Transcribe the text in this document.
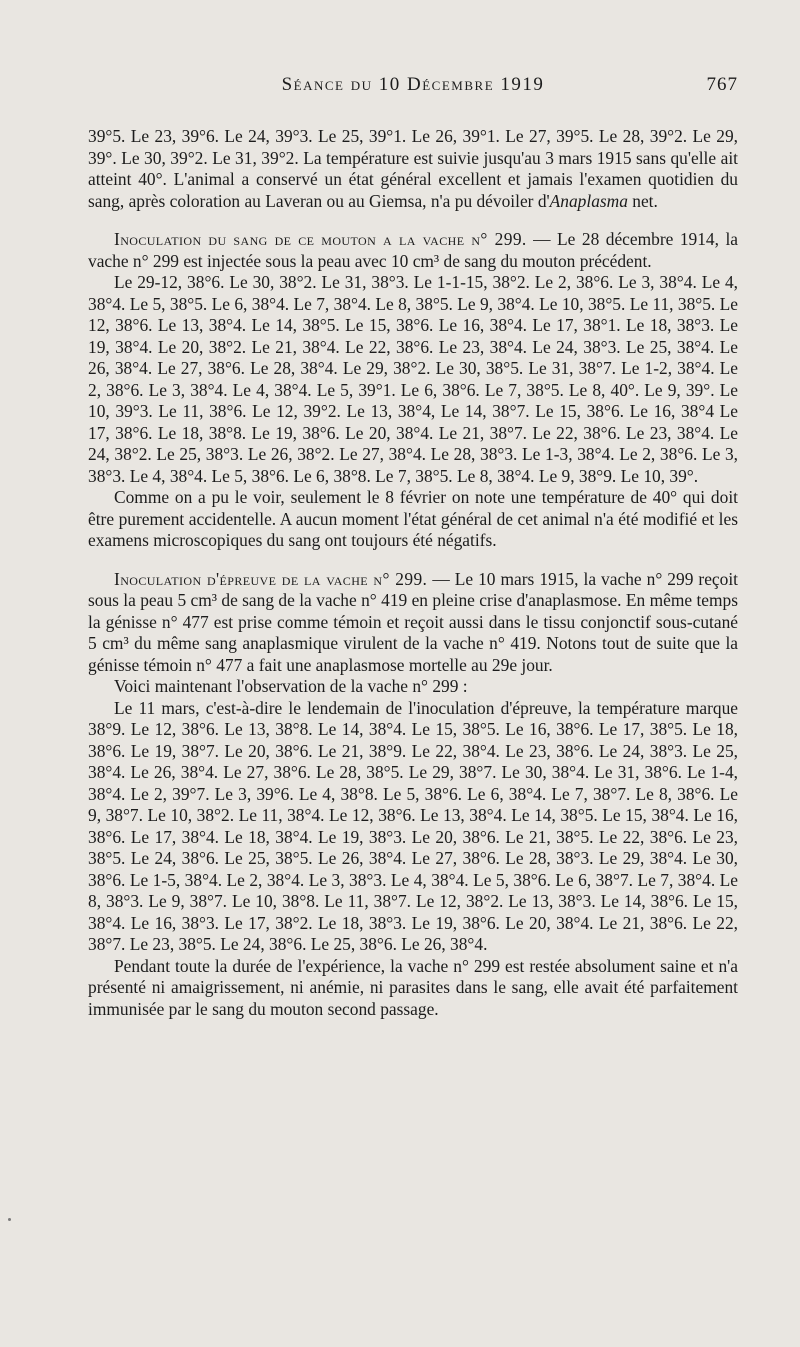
Séance du 10 Décembre 1919	767

39°5. Le 23, 39°6. Le 24, 39°3. Le 25, 39°1. Le 26, 39°1. Le 27, 39°5. Le 28, 39°2. Le 29, 39°. Le 30, 39°2. Le 31, 39°2. La température est suivie jusqu'au 3 mars 1915 sans qu'elle ait atteint 40°. L'animal a conservé un état général excellent et jamais l'examen quotidien du sang, après coloration au Laveran ou au Giemsa, n'a pu dévoiler d'Anaplasma net.

Inoculation du sang de ce mouton a la vache n° 299. — Le 28 décembre 1914, la vache n° 299 est injectée sous la peau avec 10 cm³ de sang du mouton précédent.

Le 29-12, 38°6. Le 30, 38°2. Le 31, 38°3. Le 1-1-15, 38°2. Le 2, 38°6. Le 3, 38°4. Le 4, 38°4. Le 5, 38°5. Le 6, 38°4. Le 7, 38°4. Le 8, 38°5. Le 9, 38°4. Le 10, 38°5. Le 11, 38°5. Le 12, 38°6. Le 13, 38°4. Le 14, 38°5. Le 15, 38°6. Le 16, 38°4. Le 17, 38°1. Le 18, 38°3. Le 19, 38°4. Le 20, 38°2. Le 21, 38°4. Le 22, 38°6. Le 23, 38°4. Le 24, 38°3. Le 25, 38°4. Le 26, 38°4. Le 27, 38°6. Le 28, 38°4. Le 29, 38°2. Le 30, 38°5. Le 31, 38°7. Le 1-2, 38°4. Le 2, 38°6. Le 3, 38°4. Le 4, 38°4. Le 5, 39°1. Le 6, 38°6. Le 7, 38°5. Le 8, 40°. Le 9, 39°. Le 10, 39°3. Le 11, 38°6. Le 12, 39°2. Le 13, 38°4, Le 14, 38°7. Le 15, 38°6. Le 16, 38°4 Le 17, 38°6. Le 18, 38°8. Le 19, 38°6. Le 20, 38°4. Le 21, 38°7. Le 22, 38°6. Le 23, 38°4. Le 24, 38°2. Le 25, 38°3. Le 26, 38°2. Le 27, 38°4. Le 28, 38°3. Le 1-3, 38°4. Le 2, 38°6. Le 3, 38°3. Le 4, 38°4. Le 5, 38°6. Le 6, 38°8. Le 7, 38°5. Le 8, 38°4. Le 9, 38°9. Le 10, 39°.

Comme on a pu le voir, seulement le 8 février on note une température de 40° qui doit être purement accidentelle. A aucun moment l'état général de cet animal n'a été modifié et les examens microscopiques du sang ont toujours été négatifs.

Inoculation d'épreuve de la vache n° 299. — Le 10 mars 1915, la vache n° 299 reçoit sous la peau 5 cm³ de sang de la vache n° 419 en pleine crise d'anaplasmose. En même temps la génisse n° 477 est prise comme témoin et reçoit aussi dans le tissu conjonctif sous-cutané 5 cm³ du même sang anaplasmique virulent de la vache n° 419. Notons tout de suite que la génisse témoin n° 477 a fait une anaplasmose mortelle au 29e jour.

Voici maintenant l'observation de la vache n° 299 :

Le 11 mars, c'est-à-dire le lendemain de l'inoculation d'épreuve, la température marque 38°9. Le 12, 38°6. Le 13, 38°8. Le 14, 38°4. Le 15, 38°5. Le 16, 38°6. Le 17, 38°5. Le 18, 38°6. Le 19, 38°7. Le 20, 38°6. Le 21, 38°9. Le 22, 38°4. Le 23, 38°6. Le 24, 38°3. Le 25, 38°4. Le 26, 38°4. Le 27, 38°6. Le 28, 38°5. Le 29, 38°7. Le 30, 38°4. Le 31, 38°6. Le 1-4, 38°4. Le 2, 39°7. Le 3, 39°6. Le 4, 38°8. Le 5, 38°6. Le 6, 38°4. Le 7, 38°7. Le 8, 38°6. Le 9, 38°7. Le 10, 38°2. Le 11, 38°4. Le 12, 38°6. Le 13, 38°4. Le 14, 38°5. Le 15, 38°4. Le 16, 38°6. Le 17, 38°4. Le 18, 38°4. Le 19, 38°3. Le 20, 38°6. Le 21, 38°5. Le 22, 38°6. Le 23, 38°5. Le 24, 38°6. Le 25, 38°5. Le 26, 38°4. Le 27, 38°6. Le 28, 38°3. Le 29, 38°4. Le 30, 38°6. Le 1-5, 38°4. Le 2, 38°4. Le 3, 38°3. Le 4, 38°4. Le 5, 38°6. Le 6, 38°7. Le 7, 38°4. Le 8, 38°3. Le 9, 38°7. Le 10, 38°8. Le 11, 38°7. Le 12, 38°2. Le 13, 38°3. Le 14, 38°6. Le 15, 38°4. Le 16, 38°3. Le 17, 38°2. Le 18, 38°3. Le 19, 38°6. Le 20, 38°4. Le 21, 38°6. Le 22, 38°7. Le 23, 38°5. Le 24, 38°6. Le 25, 38°6. Le 26, 38°4.

Pendant toute la durée de l'expérience, la vache n° 299 est restée absolument saine et n'a présenté ni amaigrissement, ni anémie, ni parasites dans le sang, elle avait été parfaitement immunisée par le sang du mouton second passage.
